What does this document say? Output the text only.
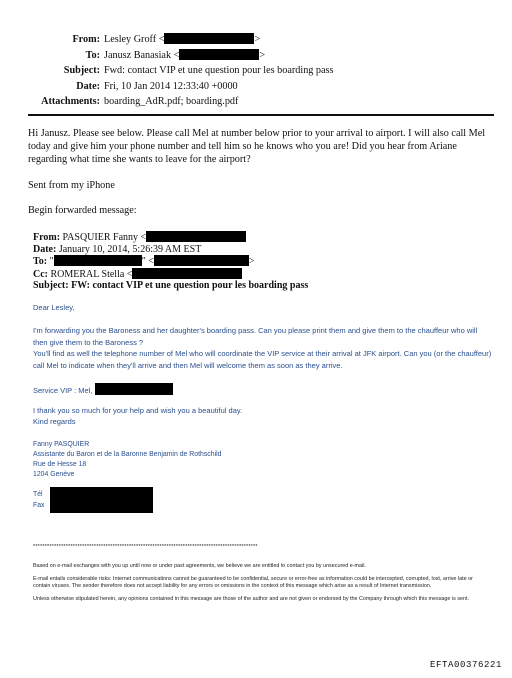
From: Lesley Groff <	>
To: Janusz Banasiak <	>
Subject: Fwd: contact VIP et une question pour les boarding pass
Date: Fri, 10 Jan 2014 12:33:40 +0000
Attachments: boarding_AdR.pdf; boarding.pdf

Hi Janusz. Please see below. Please call Mel at number below prior to your arrival to airport. I will also call Mel today and give him your phone number and tell him so he knows who you are! Did you hear from Ariane regarding what time she wants to leave for the airport?

Sent from my iPhone

Begin forwarded message:

From: PASQUIER Fanny <
Date: January 10, 2014, 5:26:39 AM EST
To: "	" <	>
Cc: ROMERAL Stella <
Subject: FW: contact VIP et une question pour les boarding pass

Dear Lesley,

I'm forwarding you the Baroness and her daughter's boarding pass. Can you please print them and give them to the chauffeur who will then give them to the Baroness ?

You'll find as well the telephone number of Mel who will coordinate the VIP service at their arrival at JFK airport. Can you (or the chauffeur) call Mel to indicate when they'll arrive and then Mel will welcome them as soon as they arrive.

Service VIP : Mel,

I thank you so much for your help and wish you a beautiful day.

Kind regards

Fanny PASQUIER
Assistante du Baron et de la Baronne Benjamin de Rothschild
Rue de Hesse 18
1204 Genève
Tél
Fax
************************************************************************************************

Based on e-mail exchanges with you up until now or under past agreements, we believe we are entitled to contact you by unsecured e-mail.

E-mail entails considerable risks: Internet communications cannot be guaranteed to be confidential, secure or error-free as information could be intercepted, corrupted, lost, arrive late or contain viruses. The sender therefore does not accept liability for any errors or omissions in the context of this message which arise as a result of Internet transmission.

Unless otherwise stipulated herein, any opinions contained in this message are those of the author and are not given or endorsed by the Company through which this message is sent.

EFTA00376221
